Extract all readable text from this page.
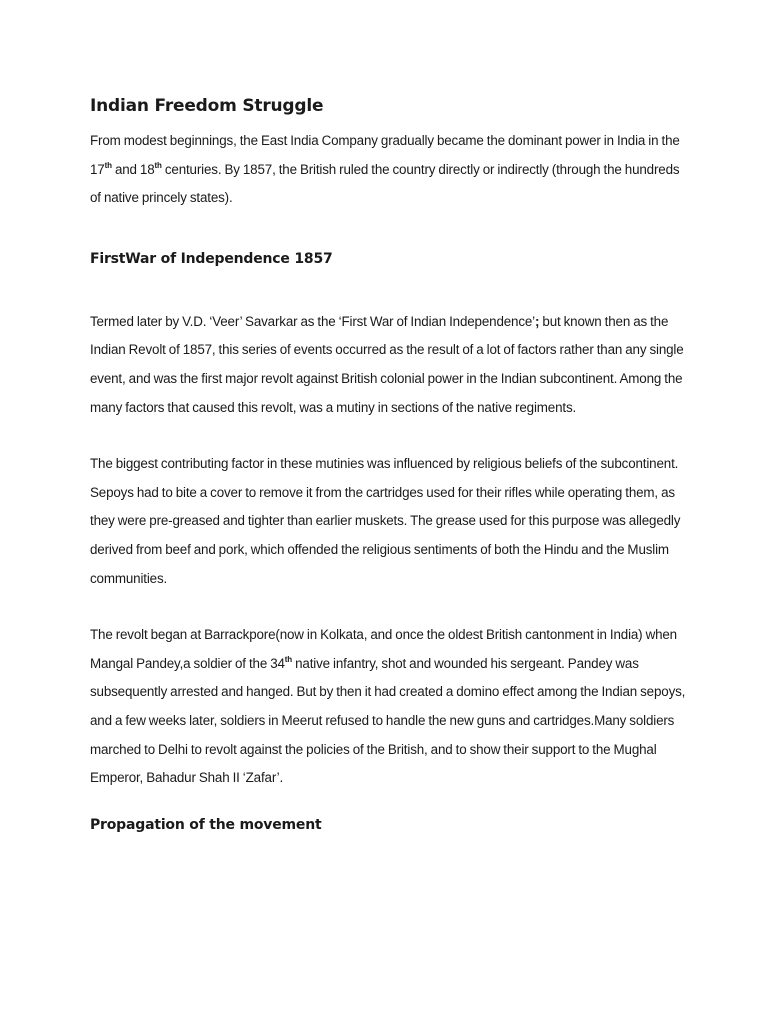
Indian Freedom Struggle

From modest beginnings, the East India Company gradually became the dominant power in India in the 17th and 18th centuries. By 1857, the British ruled the country directly or indirectly (through the hundreds of native princely states).

FirstWar of Independence 1857

Termed later by V.D. ‘Veer’ Savarkar as the ‘First War of Indian Independence’; but known then as the Indian Revolt of 1857, this series of events occurred as the result of a lot of factors rather than any single event, and was the first major revolt against British colonial power in the Indian subcontinent. Among the many factors that caused this revolt, was a mutiny in sections of the native regiments.

The biggest contributing factor in these mutinies was influenced by religious beliefs of the subcontinent. Sepoys had to bite a cover to remove it from the cartridges used for their rifles while operating them, as they were pre-greased and tighter than earlier muskets. The grease used for this purpose was allegedly derived from beef and pork, which offended the religious sentiments of both the Hindu and the Muslim communities.

The revolt began at Barrackpore(now in Kolkata, and once the oldest British cantonment in India) when Mangal Pandey,a soldier of the 34th native infantry, shot and wounded his sergeant. Pandey was subsequently arrested and hanged. But by then it had created a domino effect among the Indian sepoys, and a few weeks later, soldiers in Meerut refused to handle the new guns and cartridges.Many soldiers marched to Delhi to revolt against the policies of the British, and to show their support to the Mughal Emperor, Bahadur Shah II ‘Zafar’.

Propagation of the movement
